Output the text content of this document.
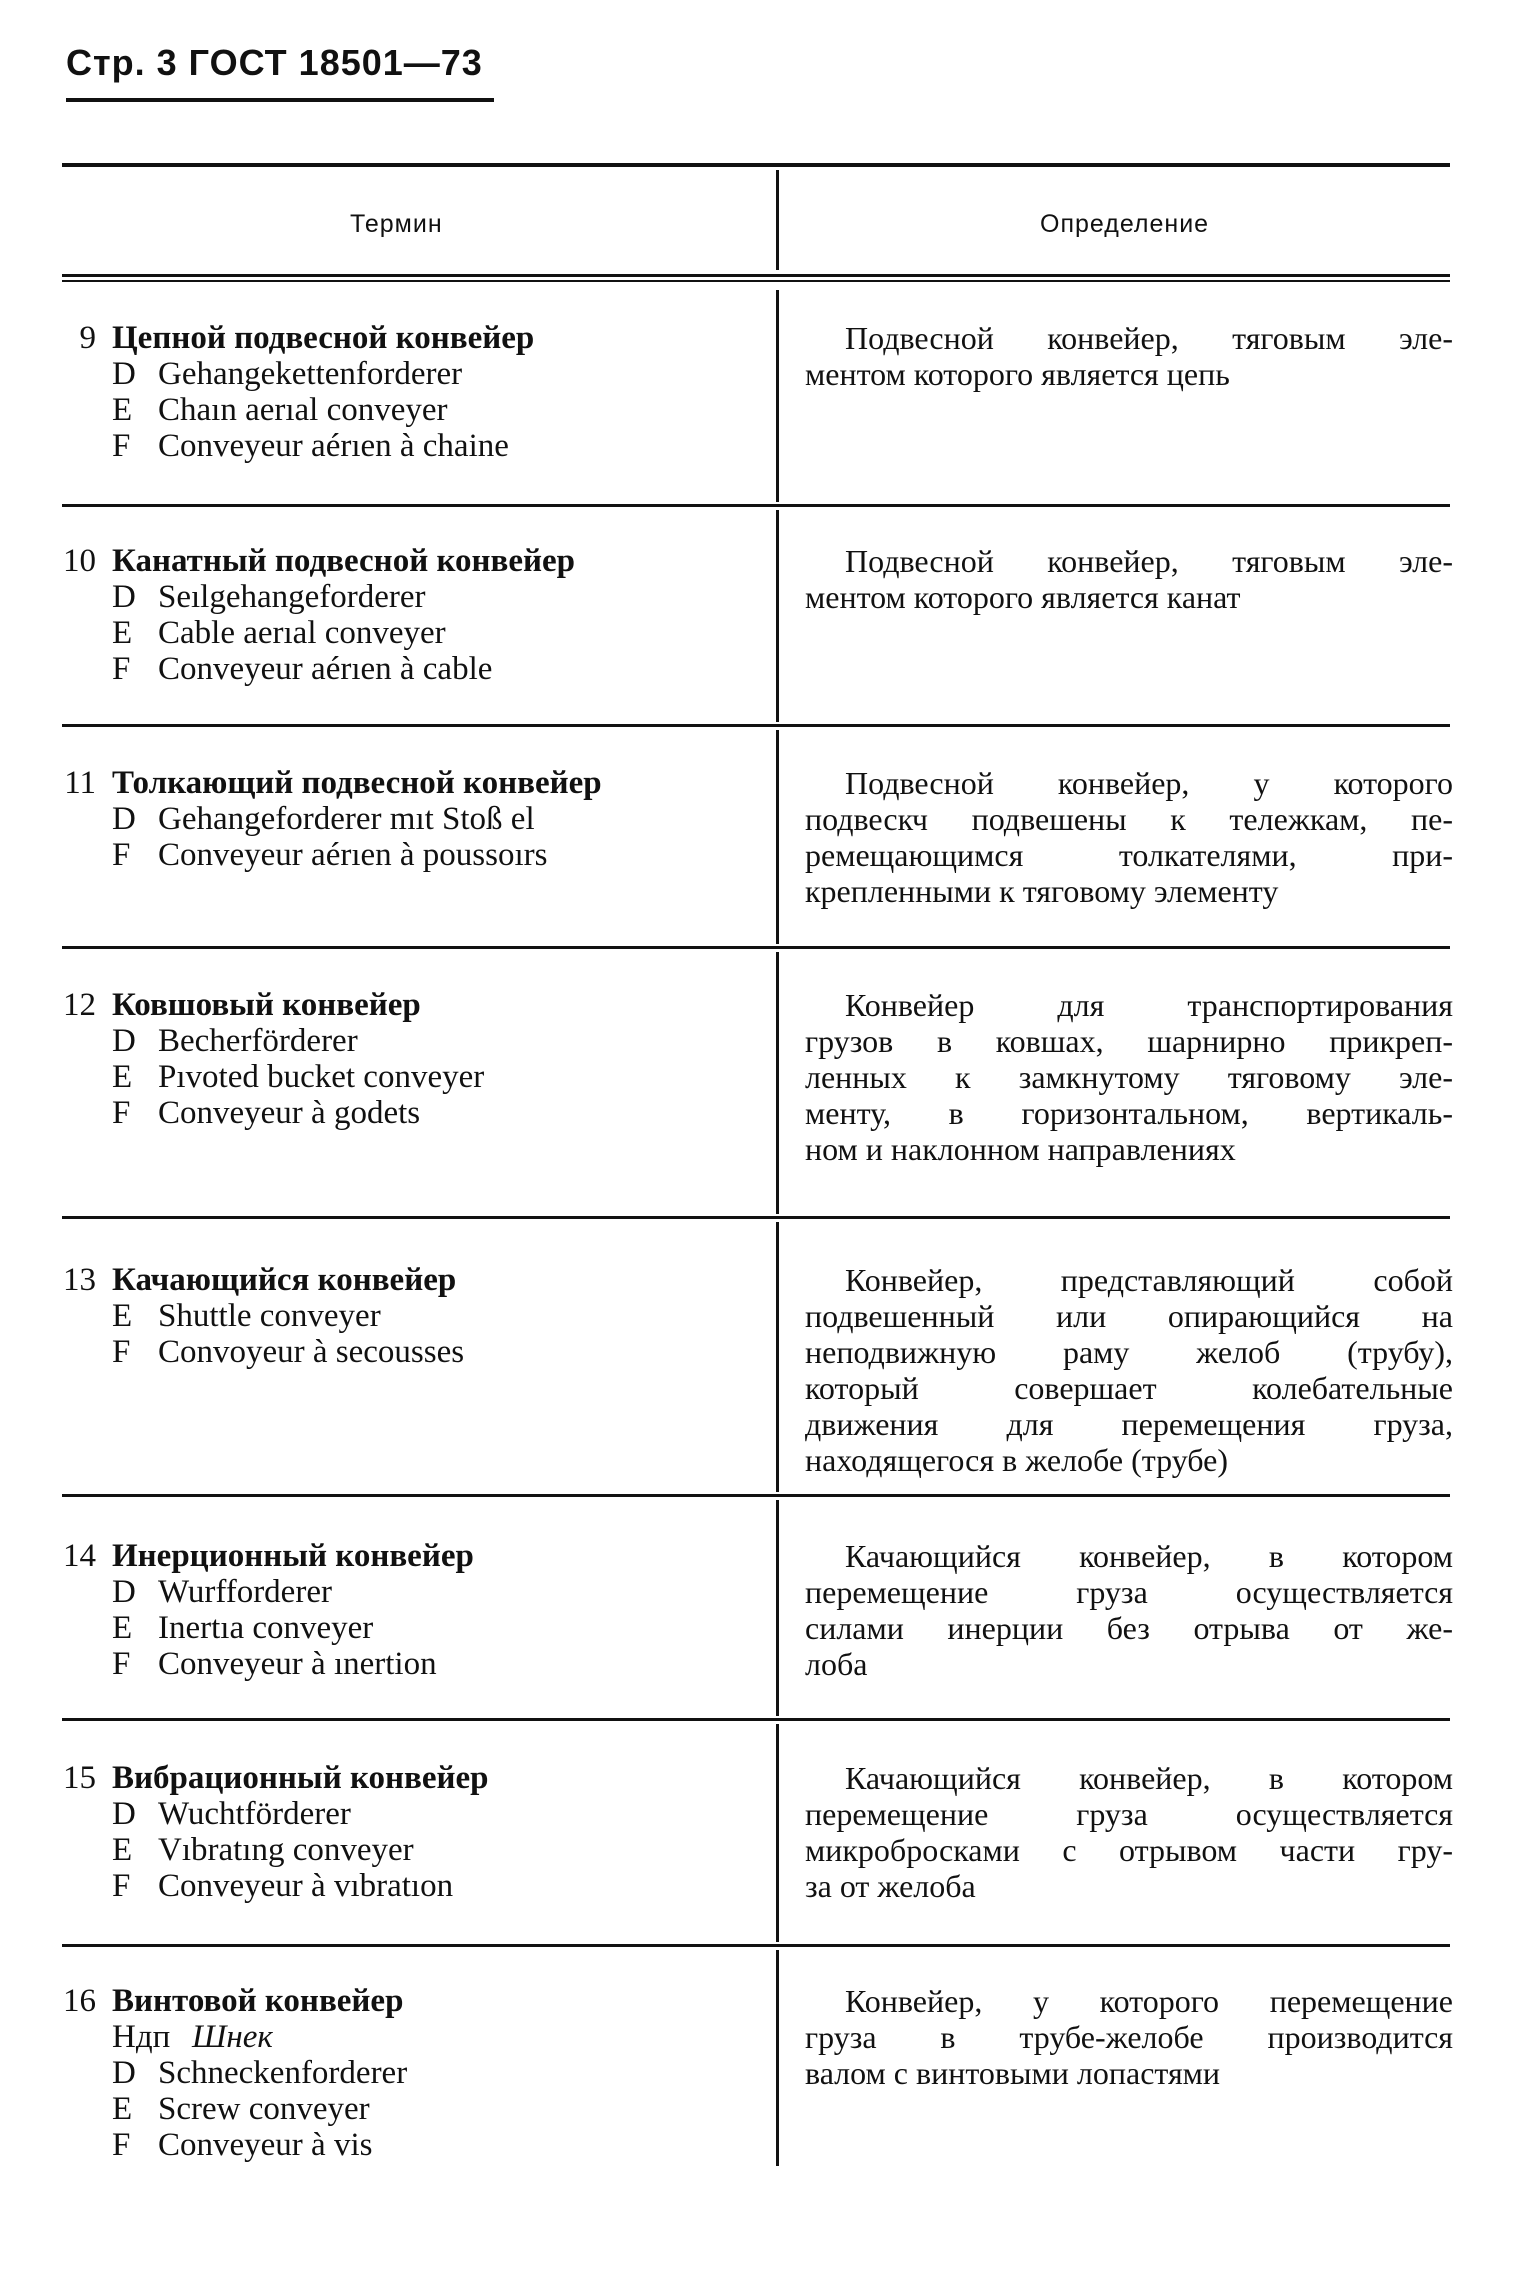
Стр. 3 ГОСТ 18501—73
Термин	Определение
9 Цепной подвесной конвейер
D Gehangekettenforderer
E Chaın aerıal conveyer
F Conveyeur aérıen à chaine
Подвесной конвейер, тяговым эле-
ментом которого является цепь
10 Канатный подвесной конвейер
D Seılgehangeforderer
E Cable aerıal conveyer
F Conveyeur aérıen à cable
Подвесной конвейер, тяговым эле-
ментом которого является канат
11 Толкающий подвесной конвейер
D Gehangeforderer mıt Stoß el
F Conveyeur aérıen à poussoırs
Подвесной конвейер, у которого
подвескч подвешены к тележкам, пе-
ремещающимся толкателями, при-
крепленными к тяговому элементу
12 Ковшовый конвейер
D Becherförderer
E Pıvoted bucket conveyer
F Conveyeur à godets
Конвейер для транспортирования
грузов в ковшах, шарнирно прикреп-
ленных к замкнутому тяговому эле-
менту, в горизонтальном, вертикаль-
ном и наклонном направлениях
13 Качающийся конвейер
E Shuttle conveyer
F Convoyeur à secousses
Конвейер, представляющий собой
подвешенный или опирающийся на
неподвижную раму желоб (трубу),
который совершает колебательные
движения для перемещения груза,
находящегося в желобе (трубе)
14 Инерционный конвейер
D Wurfforderer
E Inertıa conveyer
F Conveyeur à ınertion
Качающийся конвейер, в котором
перемещение груза осуществляется
силами инерции без отрыва от же-
лоба
15 Вибрационный конвейер
D Wuchtförderer
E Vıbratıng conveyer
F Conveyeur à vıbratıon
Качающийся конвейер, в котором
перемещение груза осуществляется
микробросками с отрывом части гру-
за от желоба
16 Винтовой конвейер
Ндп Шнек
D Schneckenforderer
E Screw conveyer
F Conveyeur à vis
Конвейер, у которого перемещение
груза в трубе-желобе производится
валом с винтовыми лопастями
